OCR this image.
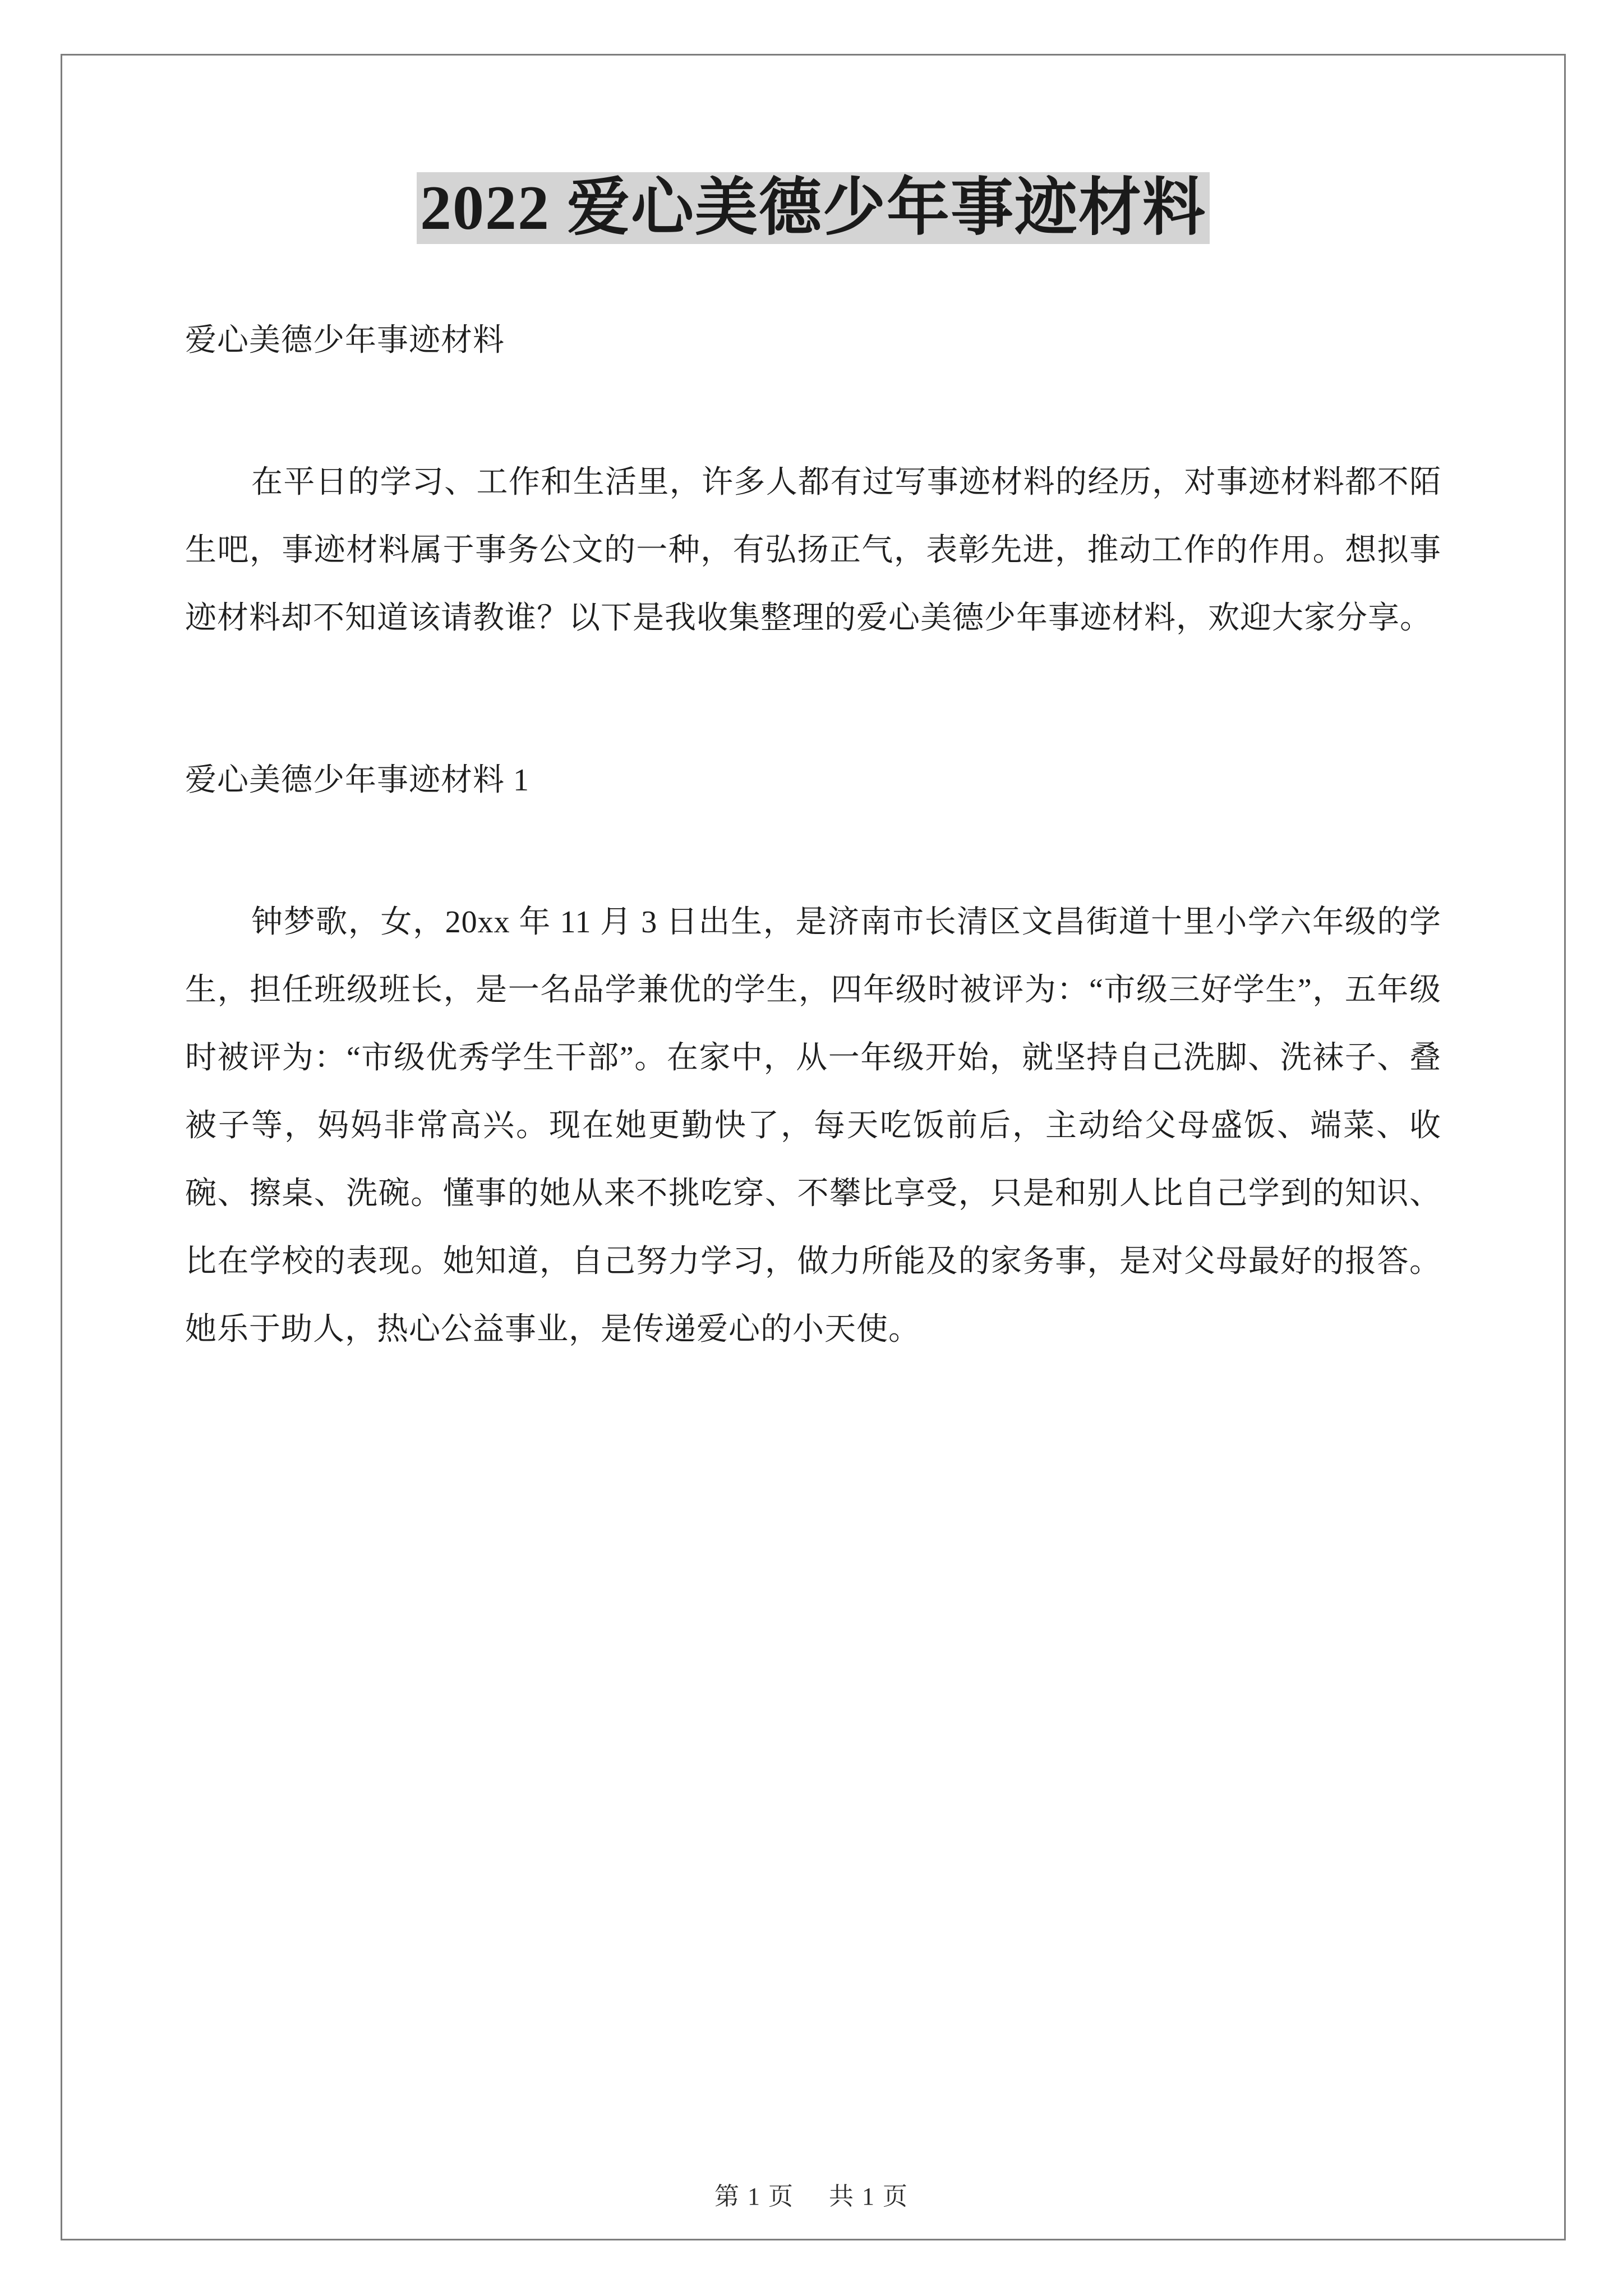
2022 爱心美德少年事迹材料

爱心美德少年事迹材料

在平日的学习、工作和生活里，许多人都有过写事迹材料的经历，对事迹材料都不陌生吧，事迹材料属于事务公文的一种，有弘扬正气，表彰先进，推动工作的作用。想拟事迹材料却不知道该请教谁？以下是我收集整理的爱心美德少年事迹材料，欢迎大家分享。

爱心美德少年事迹材料 1

钟梦歌，女，20xx 年 11 月 3 日出生，是济南市长清区文昌街道十里小学六年级的学生，担任班级班长，是一名品学兼优的学生，四年级时被评为：“市级三好学生”，五年级时被评为：“市级优秀学生干部”。在家中，从一年级开始，就坚持自己洗脚、洗袜子、叠被子等，妈妈非常高兴。现在她更勤快了，每天吃饭前后，主动给父母盛饭、端菜、收碗、擦桌、洗碗。懂事的她从来不挑吃穿、不攀比享受，只是和别人比自己学到的知识、比在学校的表现。她知道，自己努力学习，做力所能及的家务事，是对父母最好的报答。她乐于助人，热心公益事业，是传递爱心的小天使。

第 1 页 共 1 页
